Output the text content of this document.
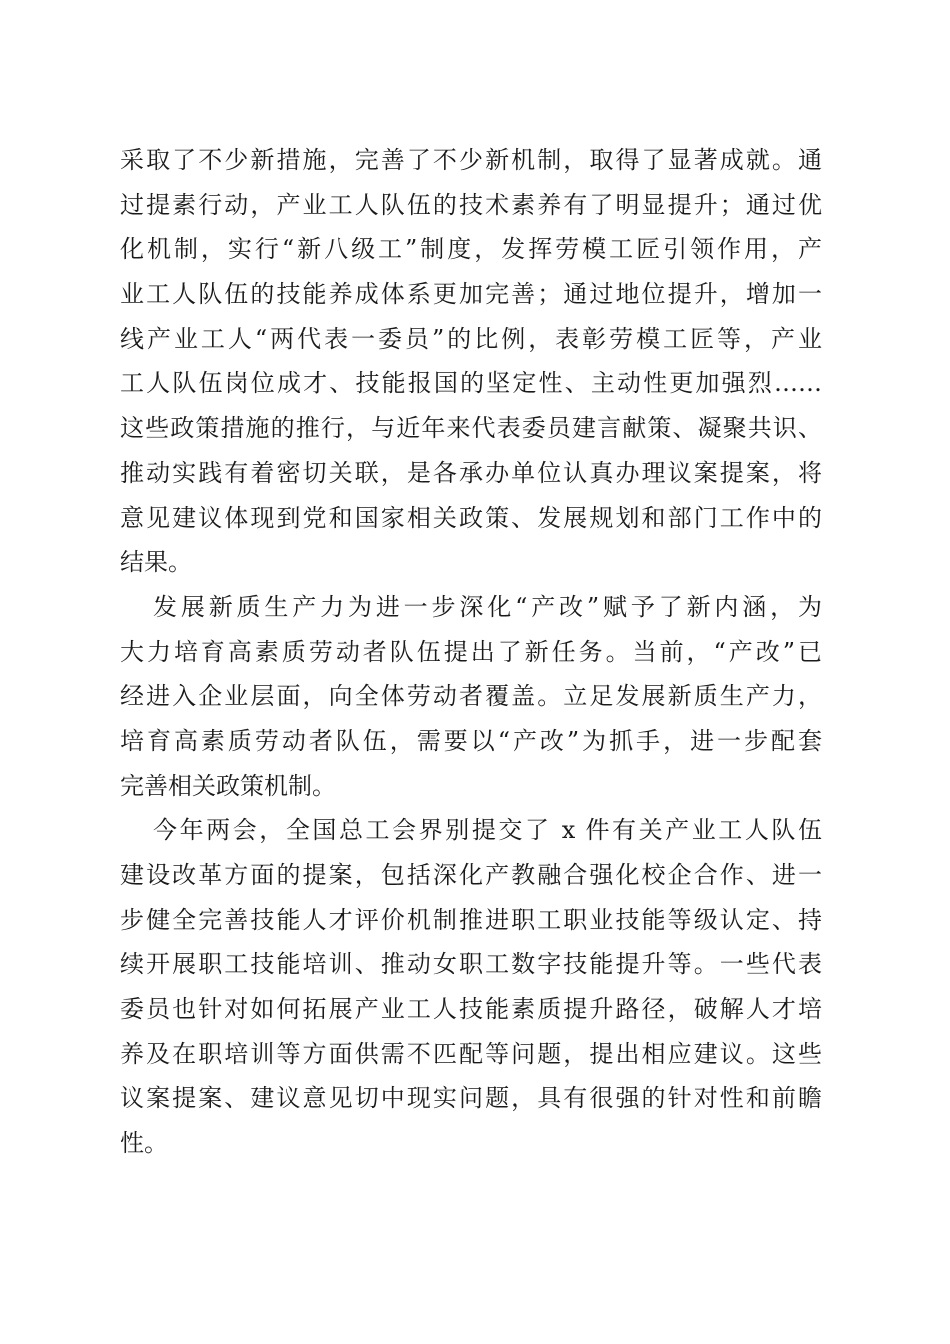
采取了不少新措施，完善了不少新机制，取得了显著成就。通
过提素行动，产业工人队伍的技术素养有了明显提升；通过优
化机制，实行“新八级工”制度，发挥劳模工匠引领作用，产
业工人队伍的技能养成体系更加完善；通过地位提升，增加一
线产业工人“两代表一委员”的比例，表彰劳模工匠等，产业
工人队伍岗位成才、技能报国的坚定性、主动性更加强烈……
这些政策措施的推行，与近年来代表委员建言献策、凝聚共识、
推动实践有着密切关联，是各承办单位认真办理议案提案，将
意见建议体现到党和国家相关政策、发展规划和部门工作中的
结果。
发展新质生产力为进一步深化“产改”赋予了新内涵，为
大力培育高素质劳动者队伍提出了新任务。当前，“产改”已
经进入企业层面，向全体劳动者覆盖。立足发展新质生产力，
培育高素质劳动者队伍，需要以“产改”为抓手，进一步配套
完善相关政策机制。
今年两会，全国总工会界别提交了 x 件有关产业工人队伍
建设改革方面的提案，包括深化产教融合强化校企合作、进一
步健全完善技能人才评价机制推进职工职业技能等级认定、持
续开展职工技能培训、推动女职工数字技能提升等。一些代表
委员也针对如何拓展产业工人技能素质提升路径，破解人才培
养及在职培训等方面供需不匹配等问题，提出相应建议。这些
议案提案、建议意见切中现实问题，具有很强的针对性和前瞻
性。
